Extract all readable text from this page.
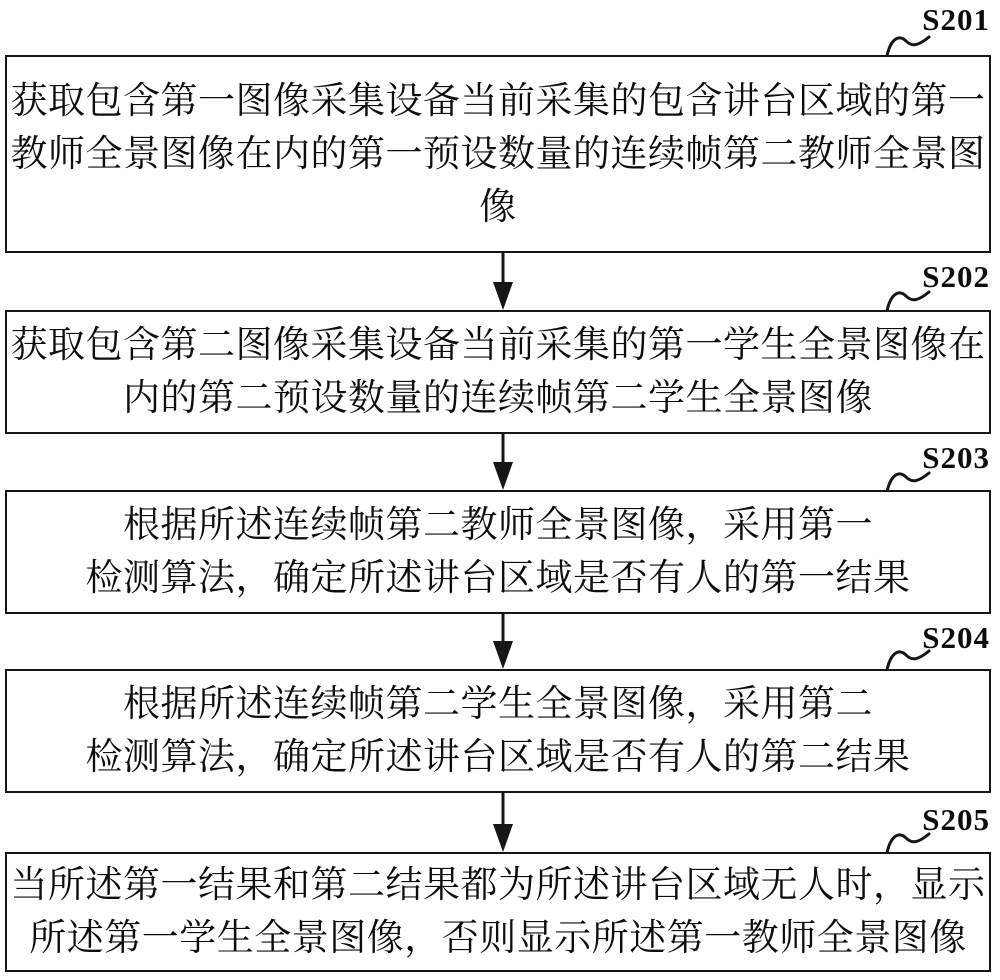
S201
获取包含第一图像采集设备当前采集的包含讲台区域的第一
教师全景图像在内的第一预设数量的连续帧第二教师全景图
像
S202
获取包含第二图像采集设备当前采集的第一学生全景图像在
内的第二预设数量的连续帧第二学生全景图像
S203
根据所述连续帧第二教师全景图像，采用第一
检测算法，确定所述讲台区域是否有人的第一结果
S204
根据所述连续帧第二学生全景图像，采用第二
检测算法，确定所述讲台区域是否有人的第二结果
S205
当所述第一结果和第二结果都为所述讲台区域无人时，显示
所述第一学生全景图像，否则显示所述第一教师全景图像
